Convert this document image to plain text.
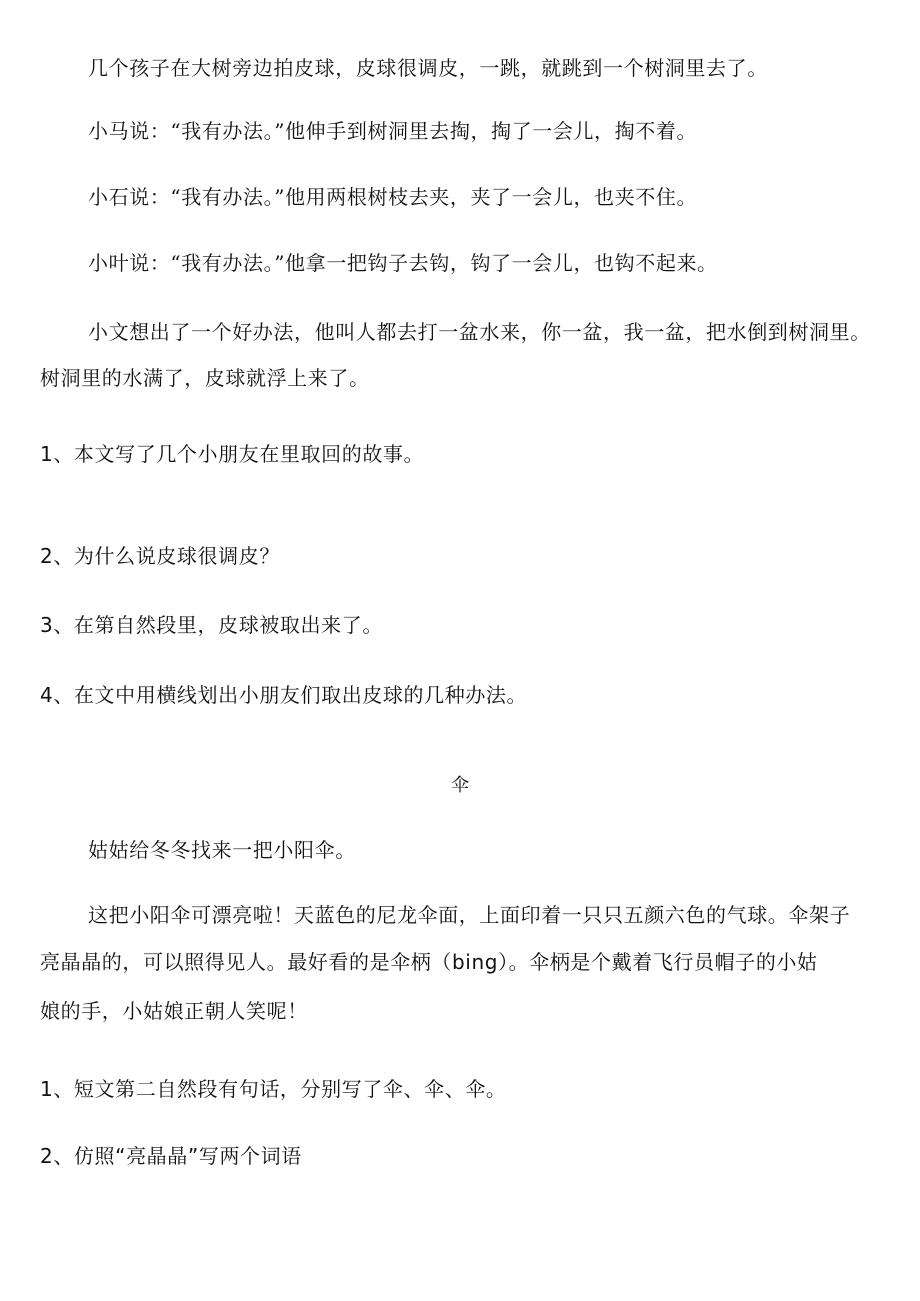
几个孩子在大树旁边拍皮球，皮球很调皮，一跳，就跳到一个树洞里去了。
小马说：“我有办法。”他伸手到树洞里去掏，掏了一会儿，掏不着。
小石说：“我有办法。”他用两根树枝去夹，夹了一会儿，也夹不住。
小叶说：“我有办法。”他拿一把钩子去钩，钩了一会儿，也钩不起来。
小文想出了一个好办法，他叫人都去打一盆水来，你一盆，我一盆，把水倒到树洞里。
树洞里的水满了，皮球就浮上来了。
1、本文写了几个小朋友在里取回的故事。
2、为什么说皮球很调皮？
3、在第自然段里，皮球被取出来了。
4、在文中用横线划出小朋友们取出皮球的几种办法。
伞
姑姑给冬冬找来一把小阳伞。
这把小阳伞可漂亮啦！天蓝色的尼龙伞面，上面印着一只只五颜六色的气球。伞架子
亮晶晶的，可以照得见人。最好看的是伞柄（bing）。伞柄是个戴着飞行员帽子的小姑
娘的手，小姑娘正朝人笑呢！
1、短文第二自然段有句话，分别写了伞、伞、伞。
2、仿照“亮晶晶”写两个词语
